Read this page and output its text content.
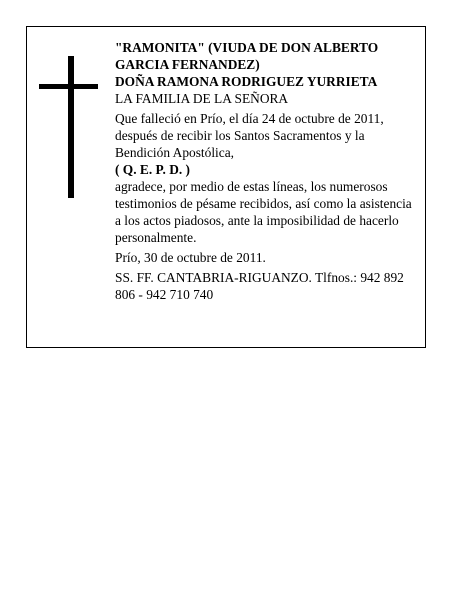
"RAMONITA" (VIUDA DE DON ALBERTO GARCIA FERNANDEZ)

DOÑA RAMONA RODRIGUEZ YURRIETA

LA FAMILIA DE LA SEÑORA

Que falleció en Prío, el día 24 de octubre de 2011, después de recibir los Santos Sacramentos y la Bendición Apostólica,

( Q. E. P. D. )

agradece, por medio de estas líneas, los numerosos testimonios de pésame recibidos, así como la asistencia a los actos piadosos, ante la imposibilidad de hacerlo personalmente.

Prío, 30 de octubre de 2011.

SS. FF. CANTABRIA-RIGUANZO. Tlfnos.: 942 892 806 - 942 710 740
